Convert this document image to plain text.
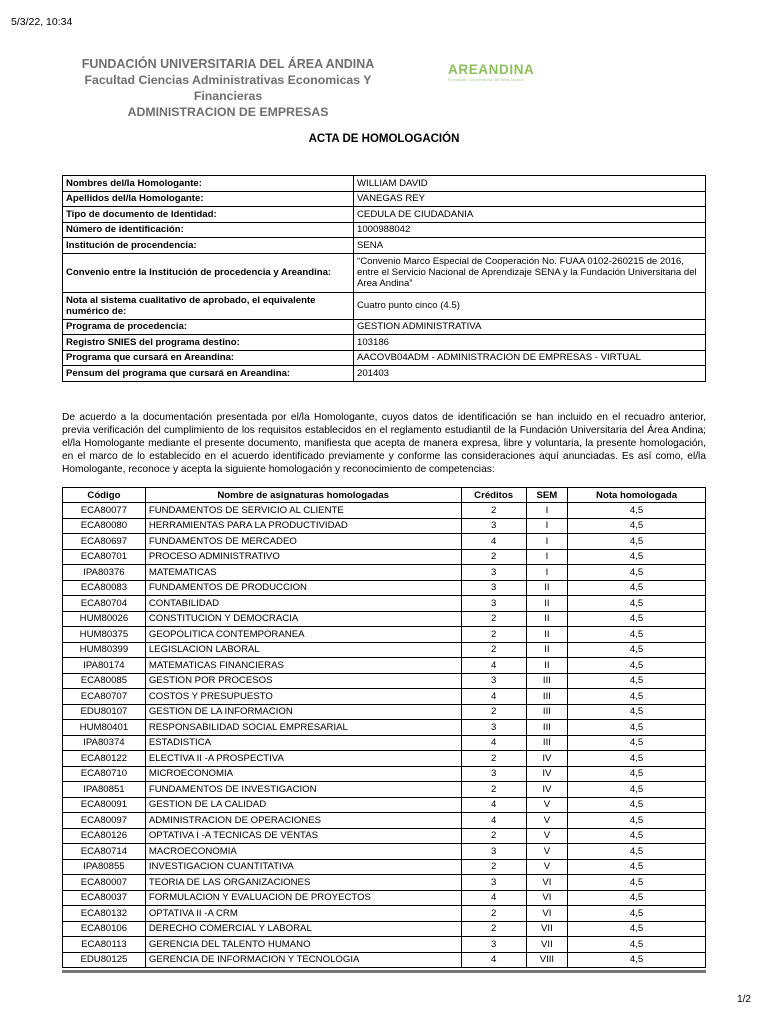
5/3/22, 10:34
FUNDACIÓN UNIVERSITARIA DEL ÁREA ANDINA
Facultad Ciencias Administrativas Economicas Y Financieras
ADMINISTRACION DE EMPRESAS
AREANDINA
Fundación Universitaria del Área Andina
ACTA DE HOMOLOGACIÓN
Nombres del/la Homologante:	WILLIAM DAVID
Apellidos del/la Homologante:	VANEGAS REY
Tipo de documento de Identidad:	CEDULA DE CIUDADANIA
Número de identificación:	1000988042
Institución de procendencia:	SENA
Convenio entre la Institución de procedencia y Areandina:	“Convenio Marco Especial de Cooperación No. FUAA 0102-260215 de 2016, entre el Servicio Nacional de Aprendizaje SENA y la Fundación Universitaria del Area Andina”
Nota al sistema cualitativo de aprobado, el equivalente numérico de:	Cuatro punto cinco (4.5)
Programa de procedencia:	GESTION ADMINISTRATIVA
Registro SNIES del programa destino:	103186
Programa que cursará en Areandina:	AACOVB04ADM - ADMINISTRACION DE EMPRESAS - VIRTUAL
Pensum del programa que cursará en Areandina:	201403
De acuerdo a la documentación presentada por el/la Homologante, cuyos datos de identificación se han incluido en el recuadro anterior, previa verificación del cumplimiento de los requisitos establecidos en el reglamento estudiantil de la Fundación Universitaria del Área Andina; el/la Homologante mediante el presente documento, manifiesta que acepta de manera expresa, libre y voluntaria, la presente homologación, en el marco de lo establecido en el acuerdo identificado previamente y conforme las consideraciones aquí anunciadas. Es así como, el/la Homologante, reconoce y acepta la siguiente homologación y reconocimiento de competencias:
Código	Nombre de asignaturas homologadas	Créditos	SEM	Nota homologada
ECA80077	FUNDAMENTOS DE SERVICIO AL CLIENTE	2	I	4,5
ECA80080	HERRAMIENTAS PARA LA PRODUCTIVIDAD	3	I	4,5
ECA80697	FUNDAMENTOS DE MERCADEO	4	I	4,5
ECA80701	PROCESO ADMINISTRATIVO	2	I	4,5
IPA80376	MATEMATICAS	3	I	4,5
ECA80083	FUNDAMENTOS DE PRODUCCION	3	II	4,5
ECA80704	CONTABILIDAD	3	II	4,5
HUM80026	CONSTITUCION Y DEMOCRACIA	2	II	4,5
HUM80375	GEOPOLITICA CONTEMPORANEA	2	II	4,5
HUM80399	LEGISLACION LABORAL	2	II	4,5
IPA80174	MATEMATICAS FINANCIERAS	4	II	4,5
ECA80085	GESTION POR PROCESOS	3	III	4,5
ECA80707	COSTOS Y PRESUPUESTO	4	III	4,5
EDU80107	GESTION DE LA INFORMACION	2	III	4,5
HUM80401	RESPONSABILIDAD SOCIAL EMPRESARIAL	3	III	4,5
IPA80374	ESTADISTICA	4	III	4,5
ECA80122	ELECTIVA II -A PROSPECTIVA	2	IV	4,5
ECA80710	MICROECONOMIA	3	IV	4,5
IPA80851	FUNDAMENTOS DE INVESTIGACION	2	IV	4,5
ECA80091	GESTION DE LA CALIDAD	4	V	4,5
ECA80097	ADMINISTRACION DE OPERACIONES	4	V	4,5
ECA80126	OPTATIVA I -A TECNICAS DE VENTAS	2	V	4,5
ECA80714	MACROECONOMIA	3	V	4,5
IPA80855	INVESTIGACION CUANTITATIVA	2	V	4,5
ECA80007	TEORIA DE LAS ORGANIZACIONES	3	VI	4,5
ECA80037	FORMULACION Y EVALUACION DE PROYECTOS	4	VI	4,5
ECA80132	OPTATIVA II -A CRM	2	VI	4,5
ECA80106	DERECHO COMERCIAL Y LABORAL	2	VII	4,5
ECA80113	GERENCIA DEL TALENTO HUMANO	3	VII	4,5
EDU80125	GERENCIA DE INFORMACION Y TECNOLOGIA	4	VIII	4,5
1/2
